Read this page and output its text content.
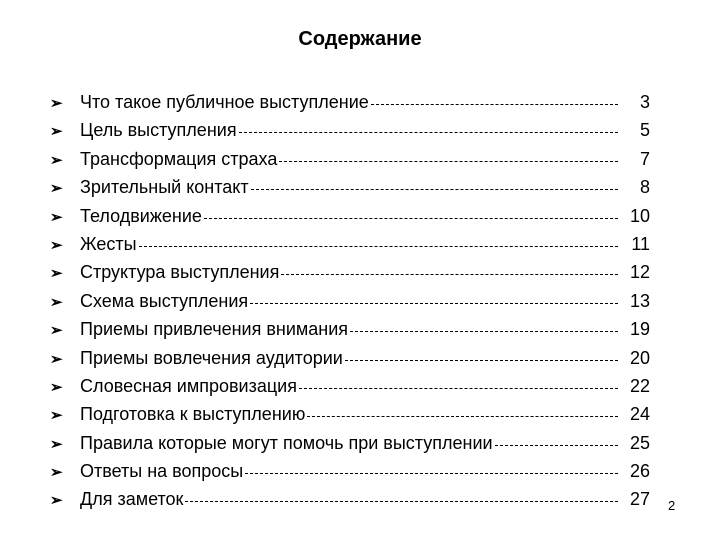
Содержание
➢ Что такое публичное выступление	3
➢ Цель выступления	5
➢ Трансформация страха	7
➢ Зрительный контакт	8
➢ Телодвижение	10
➢ Жесты	11
➢ Структура выступления	12
➢ Схема выступления	13
➢ Приемы привлечения внимания	19
➢ Приемы вовлечения аудитории	20
➢ Словесная импровизация	22
➢ Подготовка к выступлению	24
➢ Правила которые могут помочь при выступлении	25
➢ Ответы на вопросы	26
➢ Для заметок	27 2
